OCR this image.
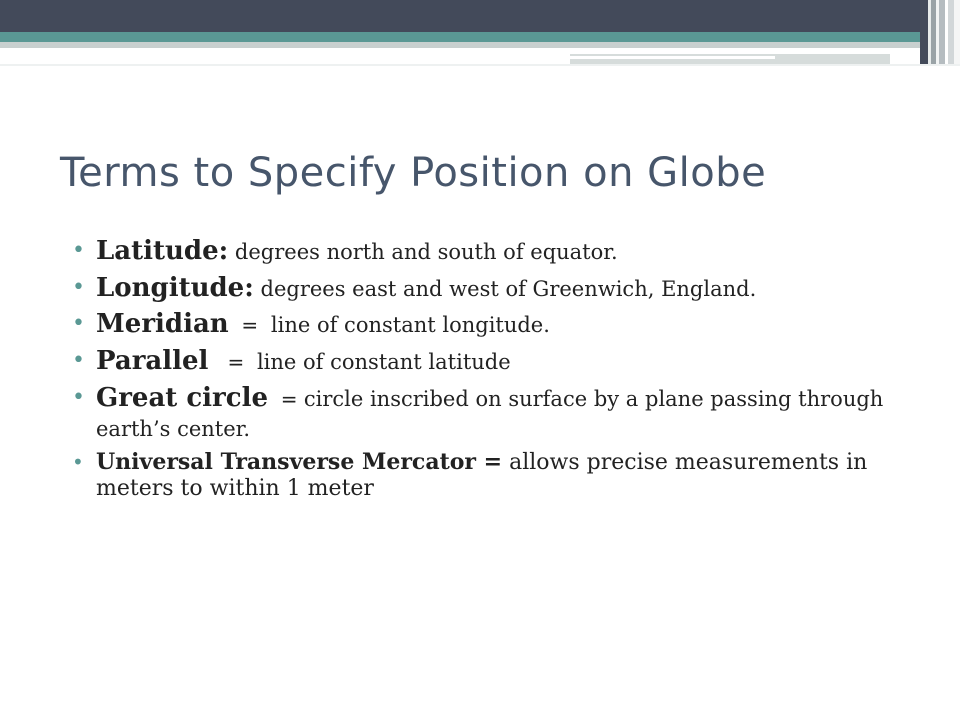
Terms to Specify Position on Globe
• Latitude: degrees north and south of equator.
• Longitude: degrees east and west of Greenwich, England.
• Meridian  =  line of constant longitude.
• Parallel   =  line of constant latitude
• Great circle  = circle inscribed on surface by a plane passing through earth’s center.
• Universal Transverse Mercator = allows precise measurements in meters to within 1 meter
